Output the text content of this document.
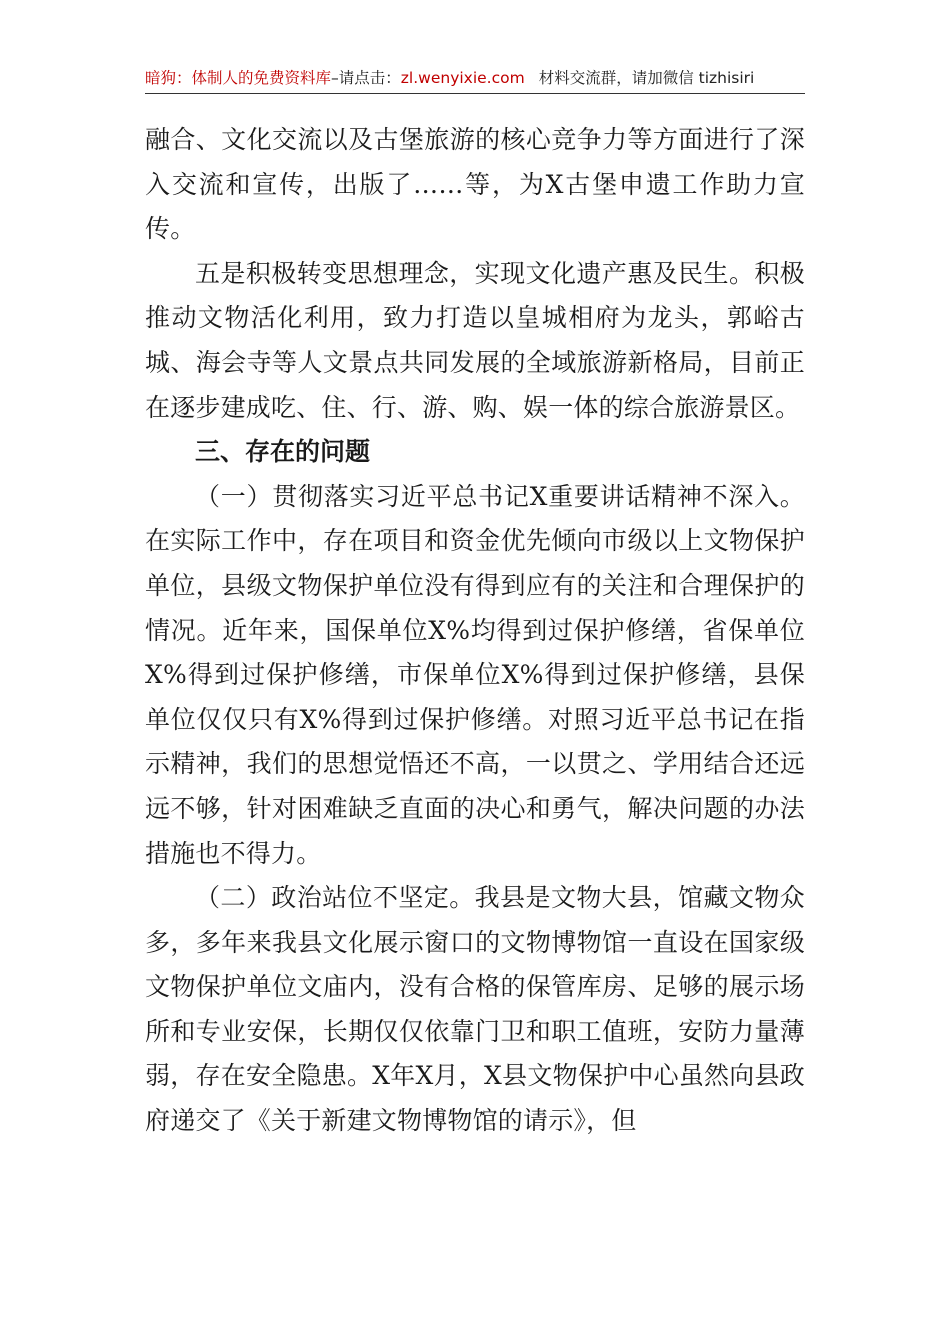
暗狗：体制人的免费资料库–请点击：zl.wenyixie.com 材料交流群，请加微信 tizhisiri

融合、文化交流以及古堡旅游的核心竞争力等方面进行了深入交流和宣传，出版了……等，为X古堡申遗工作助力宣传。

五是积极转变思想理念，实现文化遗产惠及民生。积极推动文物活化利用，致力打造以皇城相府为龙头，郭峪古城、海会寺等人文景点共同发展的全域旅游新格局，目前正在逐步建成吃、住、行、游、购、娱一体的综合旅游景区。

三、存在的问题

（一）贯彻落实习近平总书记X重要讲话精神不深入。在实际工作中，存在项目和资金优先倾向市级以上文物保护单位，县级文物保护单位没有得到应有的关注和合理保护的情况。近年来，国保单位X%均得到过保护修缮，省保单位X%得到过保护修缮，市保单位X%得到过保护修缮，县保单位仅仅只有X%得到过保护修缮。对照习近平总书记在指示精神，我们的思想觉悟还不高，一以贯之、学用结合还远远不够，针对困难缺乏直面的决心和勇气，解决问题的办法措施也不得力。

（二）政治站位不坚定。我县是文物大县，馆藏文物众多，多年来我县文化展示窗口的文物博物馆一直设在国家级文物保护单位文庙内，没有合格的保管库房、足够的展示场所和专业安保，长期仅仅依靠门卫和职工值班，安防力量薄弱，存在安全隐患。X年X月，X县文物保护中心虽然向县政府递交了《关于新建文物博物馆的请示》，但
